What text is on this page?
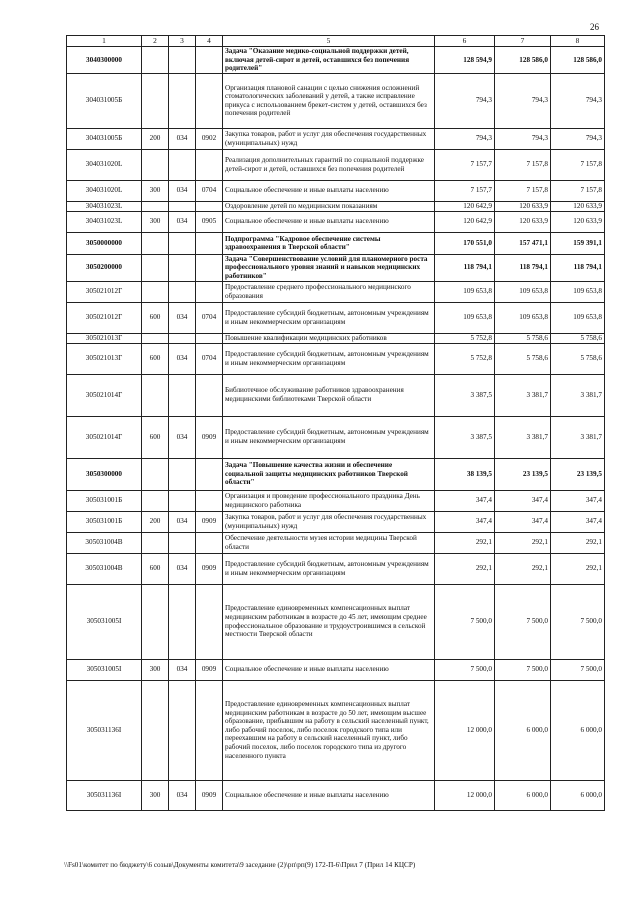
26
1	2	3	4	5	6	7	8
3040300000				Задача "Оказание медико-социальной поддержки детей, включая детей-сирот и детей, оставшихся без попечения родителей"	128 594,9	128 586,0	128 586,0
304031005Б				Организация плановой санации с целью снижения осложнений стоматологических заболеваний у детей, а также исправление прикуса с использованием брекет-систем у детей, оставшихся без попечения родителей	794,3	794,3	794,3
304031005Б	200	034	0902	Закупка товаров, работ и услуг для обеспечения государственных (муниципальных) нужд	794,3	794,3	794,3
304031020L				Реализация дополнительных гарантий по социальной поддержке детей-сирот и детей, оставшихся без попечения родителей	7 157,7	7 157,8	7 157,8
304031020L	300	034	0704	Социальное обеспечение и иные выплаты населению	7 157,7	7 157,8	7 157,8
304031023L				Оздоровление детей по медицинским показаниям	120 642,9	120 633,9	120 633,9
304031023L	300	034	0905	Социальное обеспечение и иные выплаты населению	120 642,9	120 633,9	120 633,9
3050000000				Подпрограмма "Кадровое обеспечение системы здравоохранения в Тверской области"	170 551,0	157 471,1	159 391,1
3050200000				Задача "Совершенствование условий для планомерного роста профессионального уровня знаний и навыков медицинских работников"	118 794,1	118 794,1	118 794,1
305021012Г				Предоставление среднего профессионального медицинского образования	109 653,8	109 653,8	109 653,8
305021012Г	600	034	0704	Предоставление субсидий бюджетным, автономным учреждениям и иным некоммерческим организациям	109 653,8	109 653,8	109 653,8
305021013Г				Повышение квалификации медицинских работников	5 752,8	5 758,6	5 758,6
305021013Г	600	034	0704	Предоставление субсидий бюджетным, автономным учреждениям и иным некоммерческим организациям	5 752,8	5 758,6	5 758,6
305021014Г				Библиотечное обслуживание работников здравоохранения медицинскими библиотеками Тверской области	3 387,5	3 381,7	3 381,7
305021014Г	600	034	0909	Предоставление субсидий бюджетным, автономным учреждениям и иным некоммерческим организациям	3 387,5	3 381,7	3 381,7
3050300000				Задача "Повышение качества жизни и обеспечение социальной защиты медицинских работников Тверской области"	38 139,5	23 139,5	23 139,5
305031001Б				Организация и проведение профессионального праздника День медицинского работника	347,4	347,4	347,4
305031001Б	200	034	0909	Закупка товаров, работ и услуг для обеспечения государственных (муниципальных) нужд	347,4	347,4	347,4
305031004В				Обеспечение деятельности музея истории медицины Тверской области	292,1	292,1	292,1
305031004В	600	034	0909	Предоставление субсидий бюджетным, автономным учреждениям и иным некоммерческим организациям	292,1	292,1	292,1
305031005I				Предоставление единовременных компенсационных выплат медицинским работникам в возрасте до 45 лет, имеющим среднее профессиональное образование и трудоустроившимся в сельской местности Тверской области	7 500,0	7 500,0	7 500,0
305031005I	300	034	0909	Социальное обеспечение и иные выплаты населению	7 500,0	7 500,0	7 500,0
305031136I				Предоставление единовременных компенсационных выплат медицинским работникам в возрасте до 50 лет, имеющим высшее образование, прибывшим на работу в сельский населенный пункт, либо рабочий поселок, либо поселок городского типа или переехавшим на работу в сельский населенный пункт, либо рабочий поселок, либо поселок городского типа из другого населенного пункта	12 000,0	6 000,0	6 000,0
305031136I	300	034	0909	Социальное обеспечение и иные выплаты населению	12 000,0	6 000,0	6 000,0
\\Fs01\комитет по бюджету\6 созыв\Документы комитета\9 заседание (2)\рп\рп(9) 172-П-6\Прил 7 (Прил 14 КЦСР)
